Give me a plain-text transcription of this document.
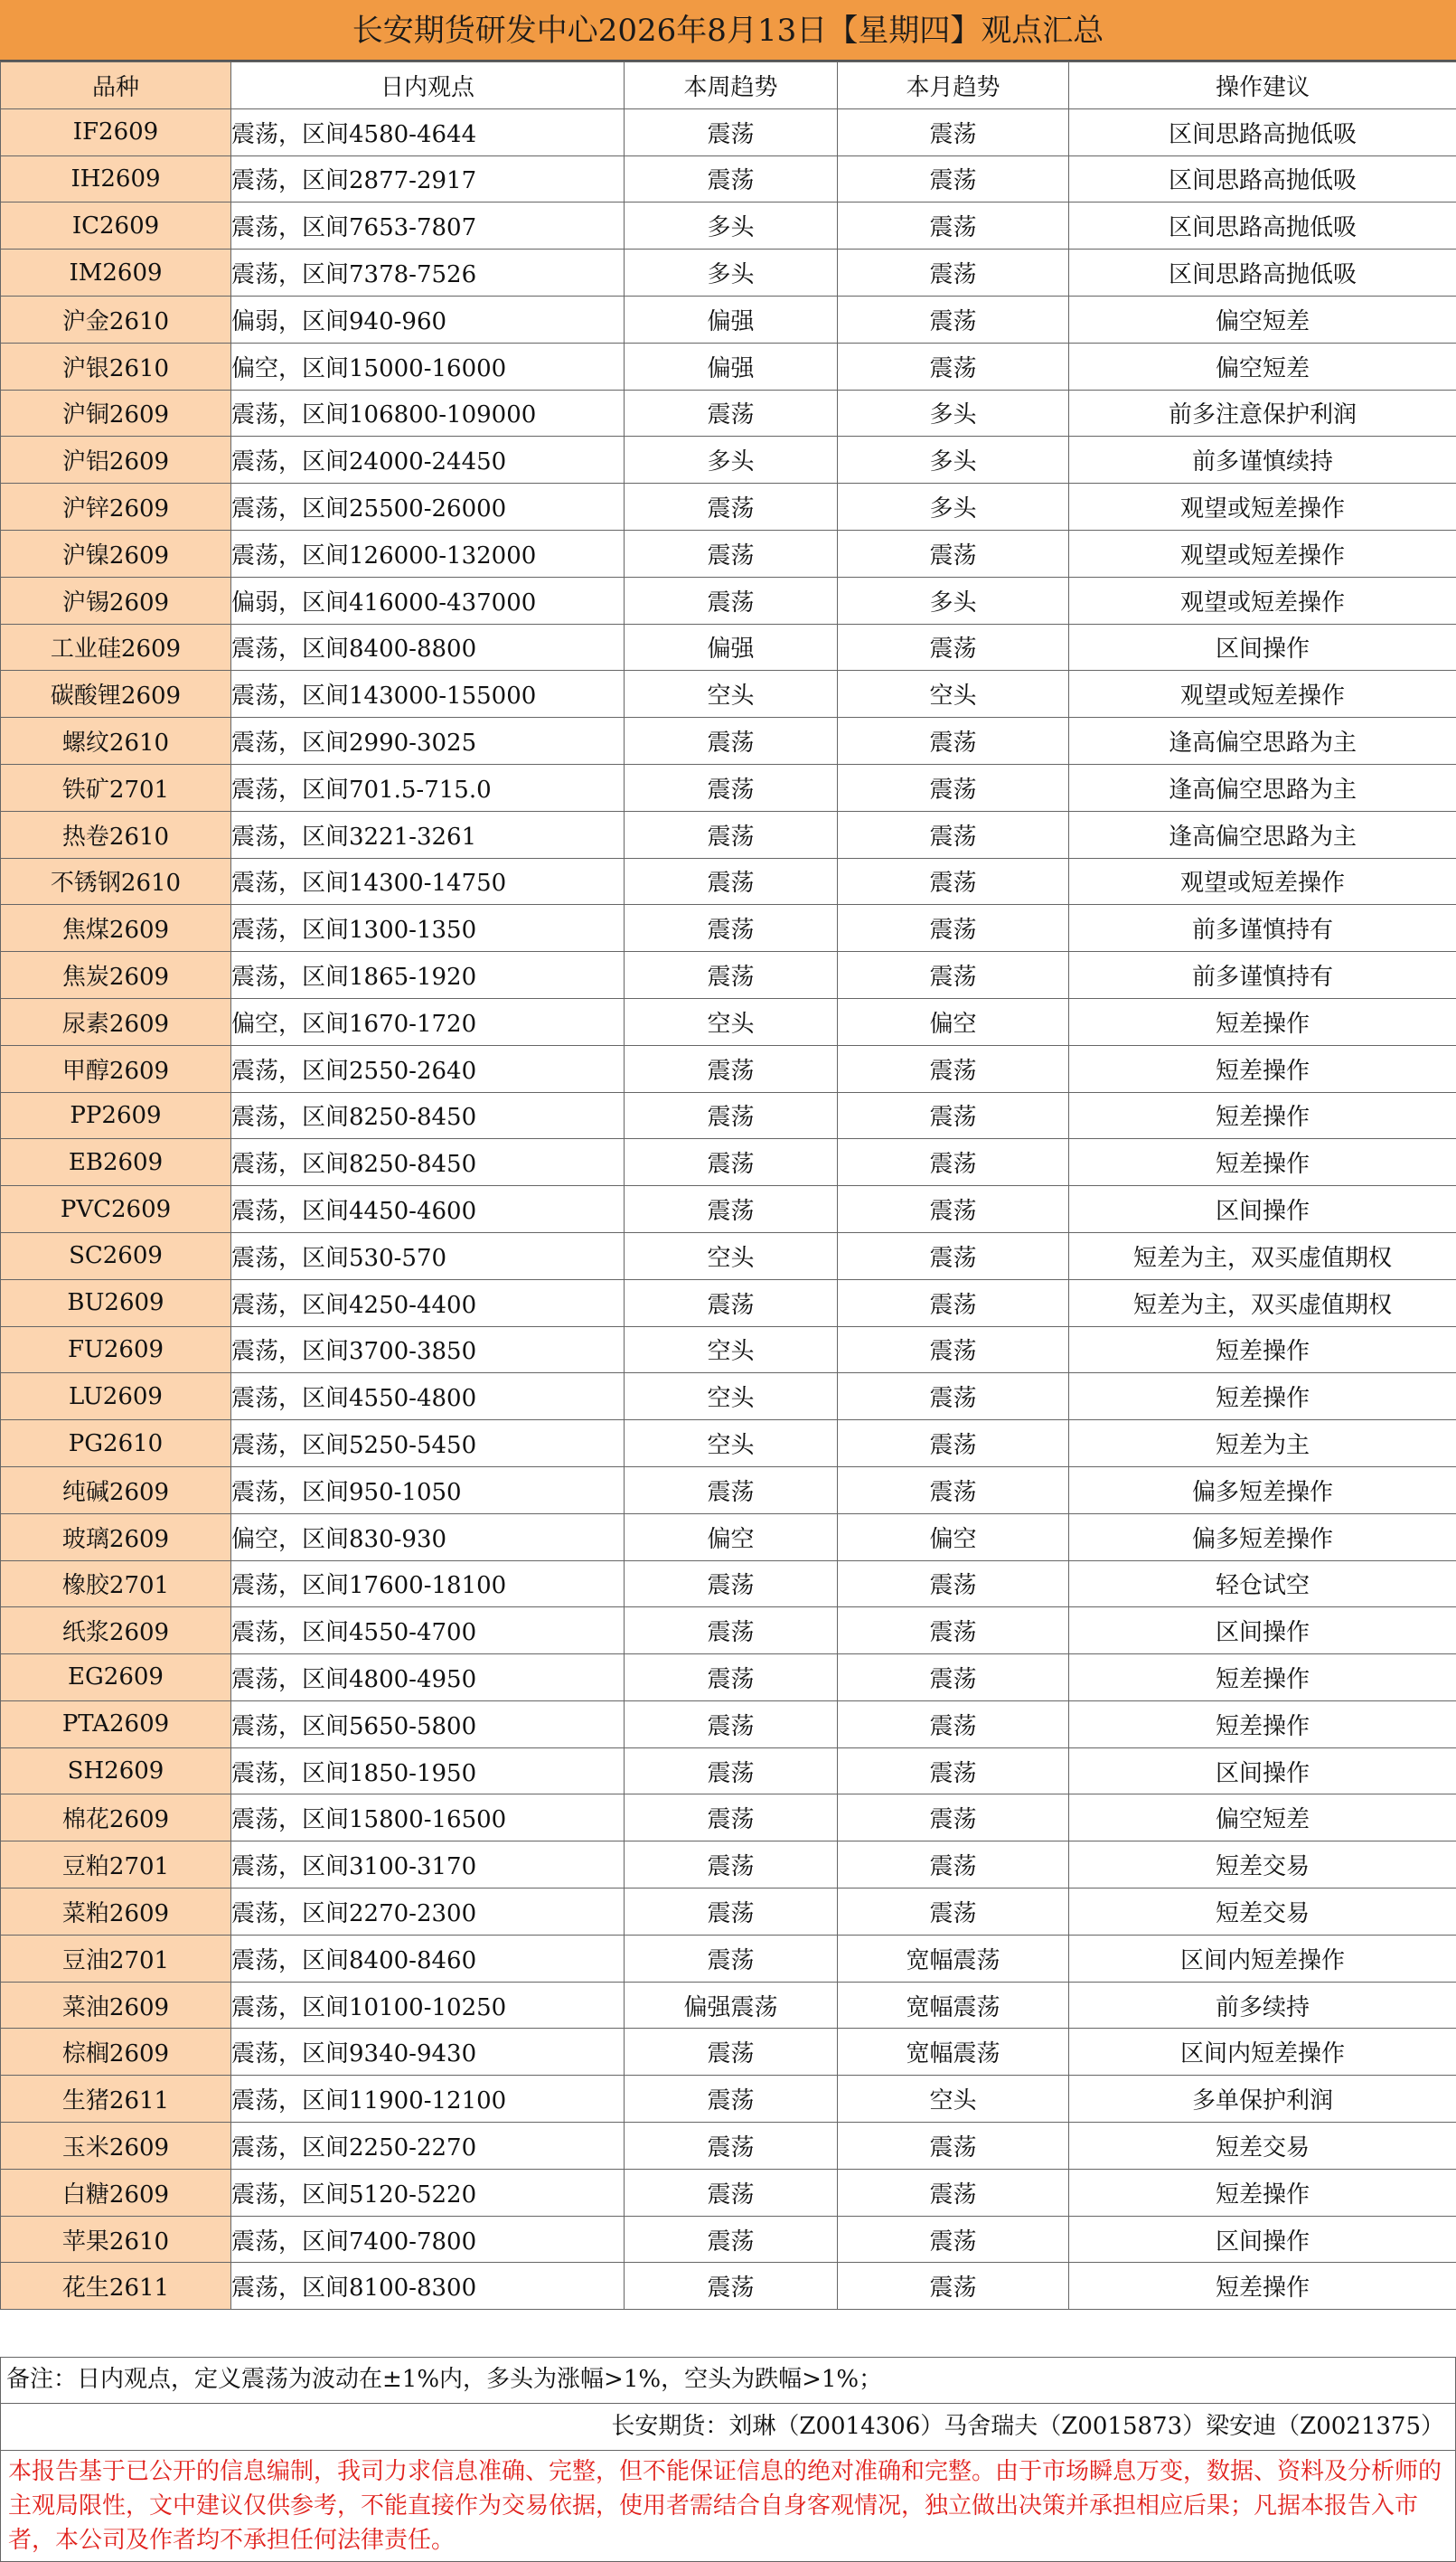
长安期货研发中心2026年8月13日【星期四】观点汇总
品种	日内观点	本周趋势	本月趋势	操作建议
IF2609	震荡，区间4580-4644	震荡	震荡	区间思路高抛低吸
IH2609	震荡，区间2877-2917	震荡	震荡	区间思路高抛低吸
IC2609	震荡，区间7653-7807	多头	震荡	区间思路高抛低吸
IM2609	震荡，区间7378-7526	多头	震荡	区间思路高抛低吸
沪金2610	偏弱，区间940-960	偏强	震荡	偏空短差
沪银2610	偏空，区间15000-16000	偏强	震荡	偏空短差
沪铜2609	震荡，区间106800-109000	震荡	多头	前多注意保护利润
沪铝2609	震荡，区间24000-24450	多头	多头	前多谨慎续持
沪锌2609	震荡，区间25500-26000	震荡	多头	观望或短差操作
沪镍2609	震荡，区间126000-132000	震荡	震荡	观望或短差操作
沪锡2609	偏弱，区间416000-437000	震荡	多头	观望或短差操作
工业硅2609	震荡，区间8400-8800	偏强	震荡	区间操作
碳酸锂2609	震荡，区间143000-155000	空头	空头	观望或短差操作
螺纹2610	震荡，区间2990-3025	震荡	震荡	逢高偏空思路为主
铁矿2701	震荡，区间701.5-715.0	震荡	震荡	逢高偏空思路为主
热卷2610	震荡，区间3221-3261	震荡	震荡	逢高偏空思路为主
不锈钢2610	震荡，区间14300-14750	震荡	震荡	观望或短差操作
焦煤2609	震荡，区间1300-1350	震荡	震荡	前多谨慎持有
焦炭2609	震荡，区间1865-1920	震荡	震荡	前多谨慎持有
尿素2609	偏空，区间1670-1720	空头	偏空	短差操作
甲醇2609	震荡，区间2550-2640	震荡	震荡	短差操作
PP2609	震荡，区间8250-8450	震荡	震荡	短差操作
EB2609	震荡，区间8250-8450	震荡	震荡	短差操作
PVC2609	震荡，区间4450-4600	震荡	震荡	区间操作
SC2609	震荡，区间530-570	空头	震荡	短差为主，双买虚值期权
BU2609	震荡，区间4250-4400	震荡	震荡	短差为主，双买虚值期权
FU2609	震荡，区间3700-3850	空头	震荡	短差操作
LU2609	震荡，区间4550-4800	空头	震荡	短差操作
PG2610	震荡，区间5250-5450	空头	震荡	短差为主
纯碱2609	震荡，区间950-1050	震荡	震荡	偏多短差操作
玻璃2609	偏空，区间830-930	偏空	偏空	偏多短差操作
橡胶2701	震荡，区间17600-18100	震荡	震荡	轻仓试空
纸浆2609	震荡，区间4550-4700	震荡	震荡	区间操作
EG2609	震荡，区间4800-4950	震荡	震荡	短差操作
PTA2609	震荡，区间5650-5800	震荡	震荡	短差操作
SH2609	震荡，区间1850-1950	震荡	震荡	区间操作
棉花2609	震荡，区间15800-16500	震荡	震荡	偏空短差
豆粕2701	震荡，区间3100-3170	震荡	震荡	短差交易
菜粕2609	震荡，区间2270-2300	震荡	震荡	短差交易
豆油2701	震荡，区间8400-8460	震荡	宽幅震荡	区间内短差操作
菜油2609	震荡，区间10100-10250	偏强震荡	宽幅震荡	前多续持
棕榈2609	震荡，区间9340-9430	震荡	宽幅震荡	区间内短差操作
生猪2611	震荡，区间11900-12100	震荡	空头	多单保护利润
玉米2609	震荡，区间2250-2270	震荡	震荡	短差交易
白糖2609	震荡，区间5120-5220	震荡	震荡	短差操作
苹果2610	震荡，区间7400-7800	震荡	震荡	区间操作
花生2611	震荡，区间8100-8300	震荡	震荡	短差操作
备注：日内观点，定义震荡为波动在±1%内，多头为涨幅>1%，空头为跌幅>1%；
长安期货：刘琳（Z0014306）马舍瑞夫（Z0015873）梁安迪（Z0021375）
本报告基于已公开的信息编制，我司力求信息准确、完整，但不能保证信息的绝对准确和完整。由于市场瞬息万变，数据、资料及分析师的主观局限性，文中建议仅供参考，不能直接作为交易依据，使用者需结合自身客观情况，独立做出决策并承担相应后果；凡据本报告入市者，本公司及作者均不承担任何法律责任。
